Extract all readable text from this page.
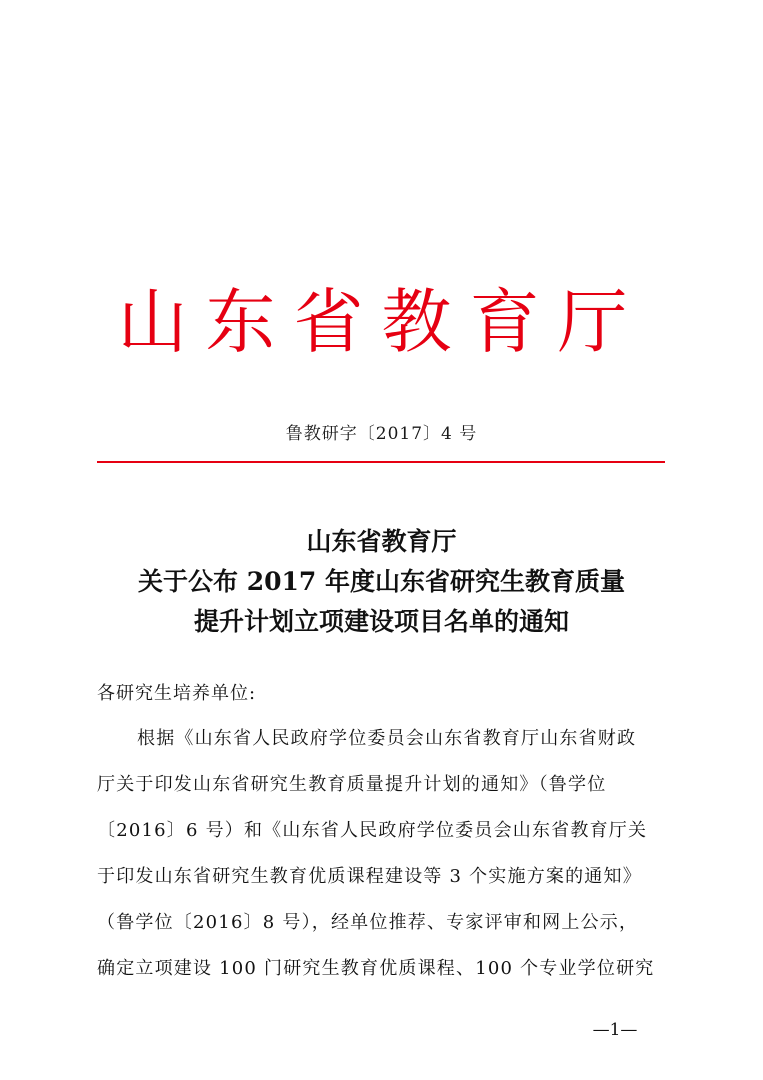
山东省教育厅
鲁教研字〔2017〕4 号
山东省教育厅
关于公布 2017 年度山东省研究生教育质量
提升计划立项建设项目名单的通知
各研究生培养单位:
根据《山东省人民政府学位委员会山东省教育厅山东省财政
厅关于印发山东省研究生教育质量提升计划的通知》（鲁学位
〔2016〕6 号）和《山东省人民政府学位委员会山东省教育厅关
于印发山东省研究生教育优质课程建设等 3 个实施方案的通知》
（鲁学位〔2016〕8 号），经单位推荐、专家评审和网上公示，
确定立项建设 100 门研究生教育优质课程、100 个专业学位研究
—1—
